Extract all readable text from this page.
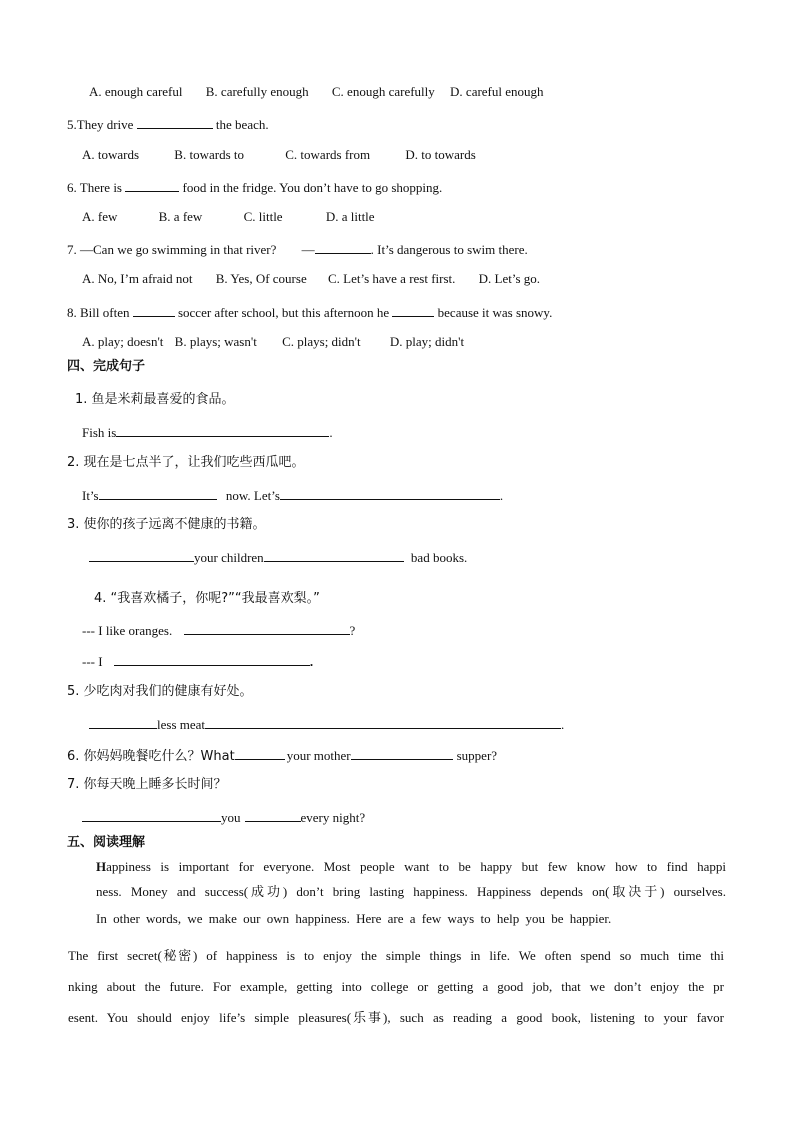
A. enough careful B. carefully enough C. enough carefully D. careful enough
5.They drive	the beach.
A. towards	B. towards to	C. towards from	D. to towards
6. There is	food in the fridge. You don’t have to go shopping.
A. few	B. a few	C. little	D. a little
7. —Can we go swimming in that river? —	. It’s dangerous to swim there.
A. No, I’m afraid not B. Yes, Of course C. Let’s have a rest first. D. Let’s go.
8. Bill often	soccer after school, but this afternoon he	because it was snowy.
A. play; doesn't B. plays; wasn't C. plays; didn't D. play; didn't
四、完成句子
1. 鱼是米莉最喜爱的食品。
Fish is	.
2. 现在是七点半了，让我们吃些西瓜吧。
It’s	now. Let’s	.
3. 使你的孩子远离不健康的书籍。
your children	bad books.
4. “我喜欢橘子，你呢?”“我最喜欢梨。”
--- I like oranges.	?
--- I	.
5. 少吃肉对我们的健康有好处。
less meat	.
6. 你妈妈晚餐吃什么？What	your mother	supper?
7. 你每天晚上睡多长时间？
you	every night?
五、阅读理解
Happiness is important for everyone. Most people want to be happy but few know how to find happi
ness. Money and success(成功) don’t bring lasting happiness. Happiness depends on(取决于) ourselves.
In other words, we make our own happiness. Here are a few ways to help you be happier.
The first secret(秘密) of happiness is to enjoy the simple things in life. We often spend so much time thi
nking about the future. For example, getting into college or getting a good job, that we don’t enjoy the pr
esent. You should enjoy life’s simple pleasures(乐事), such as reading a good book, listening to your favor
